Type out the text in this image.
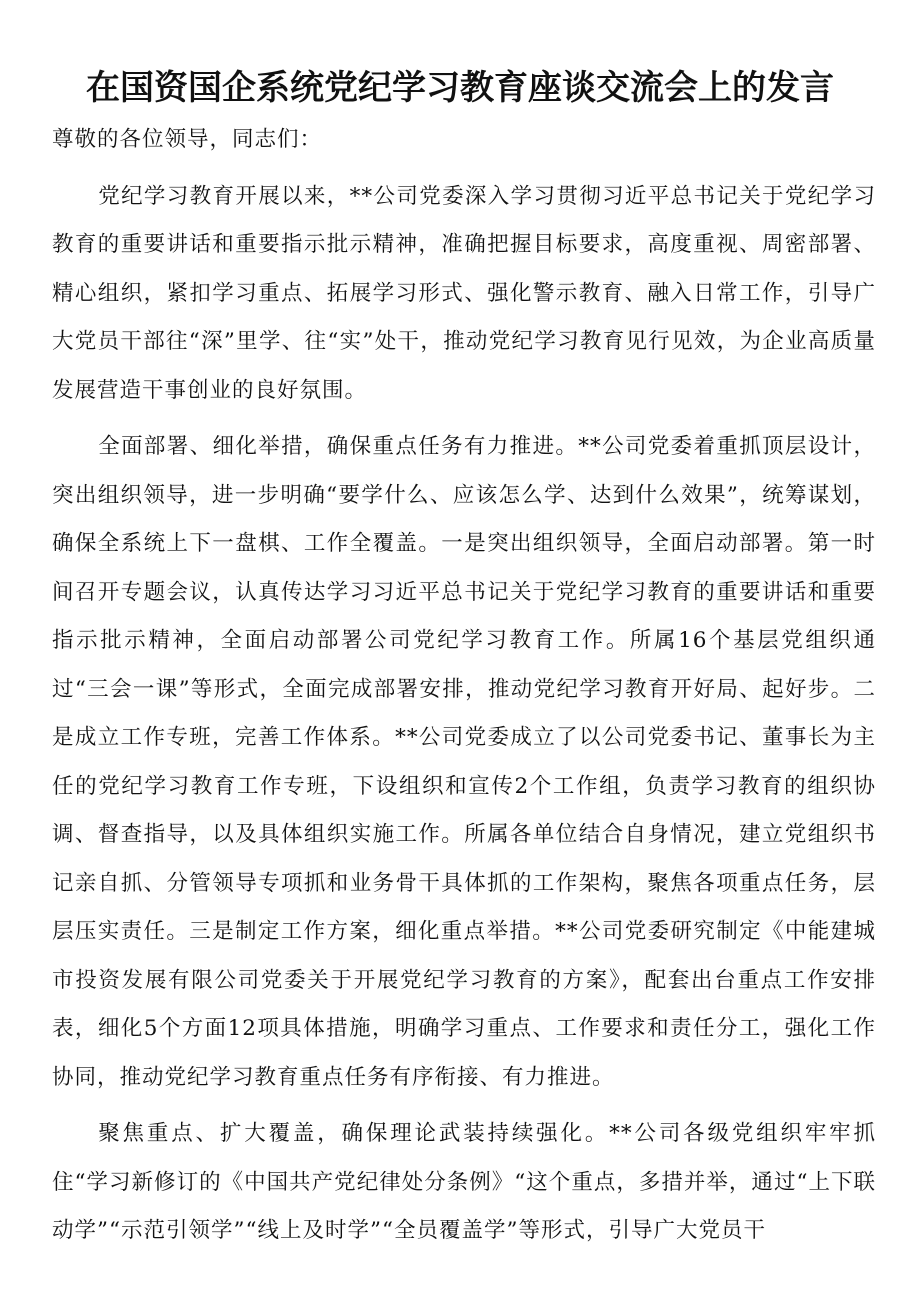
在国资国企系统党纪学习教育座谈交流会上的发言

尊敬的各位领导，同志们：

党纪学习教育开展以来，**公司党委深入学习贯彻习近平总书记关于党纪学习教育的重要讲话和重要指示批示精神，准确把握目标要求，高度重视、周密部署、精心组织，紧扣学习重点、拓展学习形式、强化警示教育、融入日常工作，引导广大党员干部往“深”里学、往“实”处干，推动党纪学习教育见行见效，为企业高质量发展营造干事创业的良好氛围。

全面部署、细化举措，确保重点任务有力推进。**公司党委着重抓顶层设计，突出组织领导，进一步明确“要学什么、应该怎么学、达到什么效果”，统筹谋划，确保全系统上下一盘棋、工作全覆盖。一是突出组织领导，全面启动部署。第一时间召开专题会议，认真传达学习习近平总书记关于党纪学习教育的重要讲话和重要指示批示精神，全面启动部署公司党纪学习教育工作。所属16个基层党组织通过“三会一课”等形式，全面完成部署安排，推动党纪学习教育开好局、起好步。二是成立工作专班，完善工作体系。**公司党委成立了以公司党委书记、董事长为主任的党纪学习教育工作专班，下设组织和宣传2个工作组，负责学习教育的组织协调、督查指导，以及具体组织实施工作。所属各单位结合自身情况，建立党组织书记亲自抓、分管领导专项抓和业务骨干具体抓的工作架构，聚焦各项重点任务，层层压实责任。三是制定工作方案，细化重点举措。**公司党委研究制定《中能建城市投资发展有限公司党委关于开展党纪学习教育的方案》，配套出台重点工作安排表，细化5个方面12项具体措施，明确学习重点、工作要求和责任分工，强化工作协同，推动党纪学习教育重点任务有序衔接、有力推进。

聚焦重点、扩大覆盖，确保理论武装持续强化。**公司各级党组织牢牢抓住“学习新修订的《中国共产党纪律处分条例》“这个重点，多措并举，通过“上下联动学”“示范引领学”“线上及时学”“全员覆盖学”等形式，引导广大党员干
